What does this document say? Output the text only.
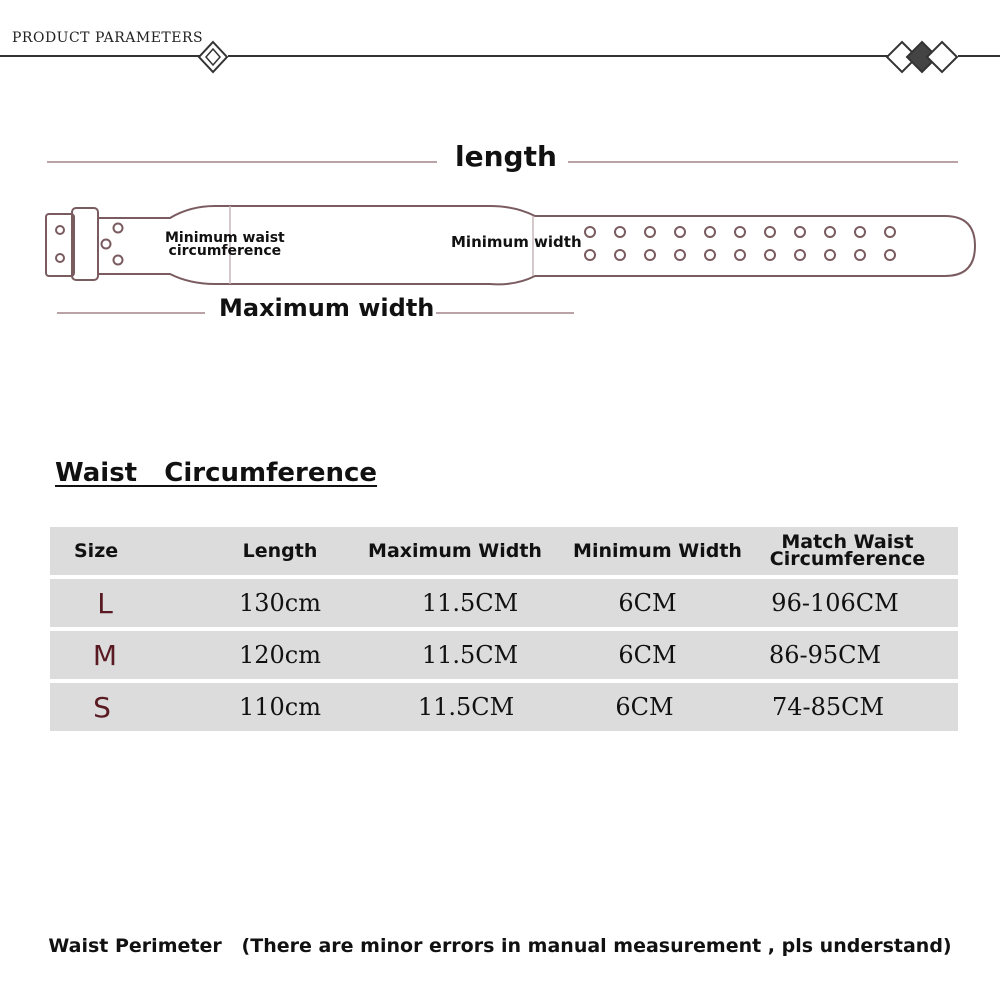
PRODUCT PARAMETERS
length
Minimum waist
circumference	Minimum width
Maximum width
Waist   Circumference
Size	Length	Maximum Width	Minimum Width	Match Waist
Circumference
L	130cm	11.5CM	6CM	96-106CM
M	120cm	11.5CM	6CM	86-95CM
S	110cm	11.5CM	6CM	74-85CM
Waist Perimeter   (There are minor errors in manual measurement , pls understand)
